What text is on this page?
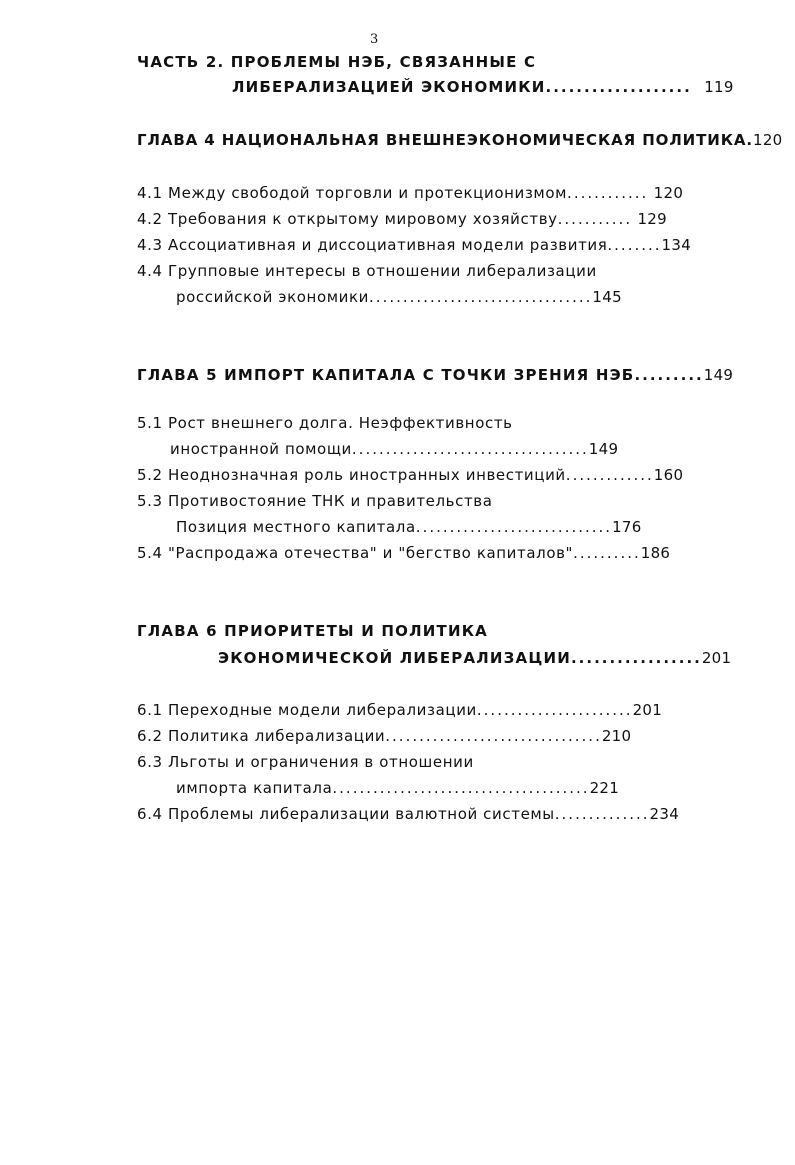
3
ЧАСТЬ 2. ПРОБЛЕМЫ НЭБ, СВЯЗАННЫЕ С
ЛИБЕРАЛИЗАЦИЕЙ ЭКОНОМИКИ................... 119
ГЛАВА 4 НАЦИОНАЛЬНАЯ ВНЕШНЕЭКОНОМИЧЕСКАЯ ПОЛИТИКА.120
4.1 Между свободой торговли и протекционизмом............ 120
4.2 Требования к открытому мировому хозяйству........... 129
4.3 Ассоциативная и диссоциативная модели развития........134
4.4 Групповые интересы в отношении либерализации
российской экономики.................................145
ГЛАВА 5 ИМПОРТ КАПИТАЛА С ТОЧКИ ЗРЕНИЯ НЭБ.........149
5.1 Рост внешнего долга. Неэффективность
иностранной помощи...................................149
5.2 Неоднозначная роль иностранных инвестиций.............160
5.3 Противостояние ТНК и правительства
Позиция местного капитала.............................176
5.4 "Распродажа отечества" и "бегство капиталов"..........186
ГЛАВА 6 ПРИОРИТЕТЫ И ПОЛИТИКА
ЭКОНОМИЧЕСКОЙ ЛИБЕРАЛИЗАЦИИ.................201
6.1 Переходные модели либерализации.......................201
6.2 Политика либерализации................................210
6.3 Льготы и ограничения в отношении
импорта капитала......................................221
6.4 Проблемы либерализации валютной системы..............234
